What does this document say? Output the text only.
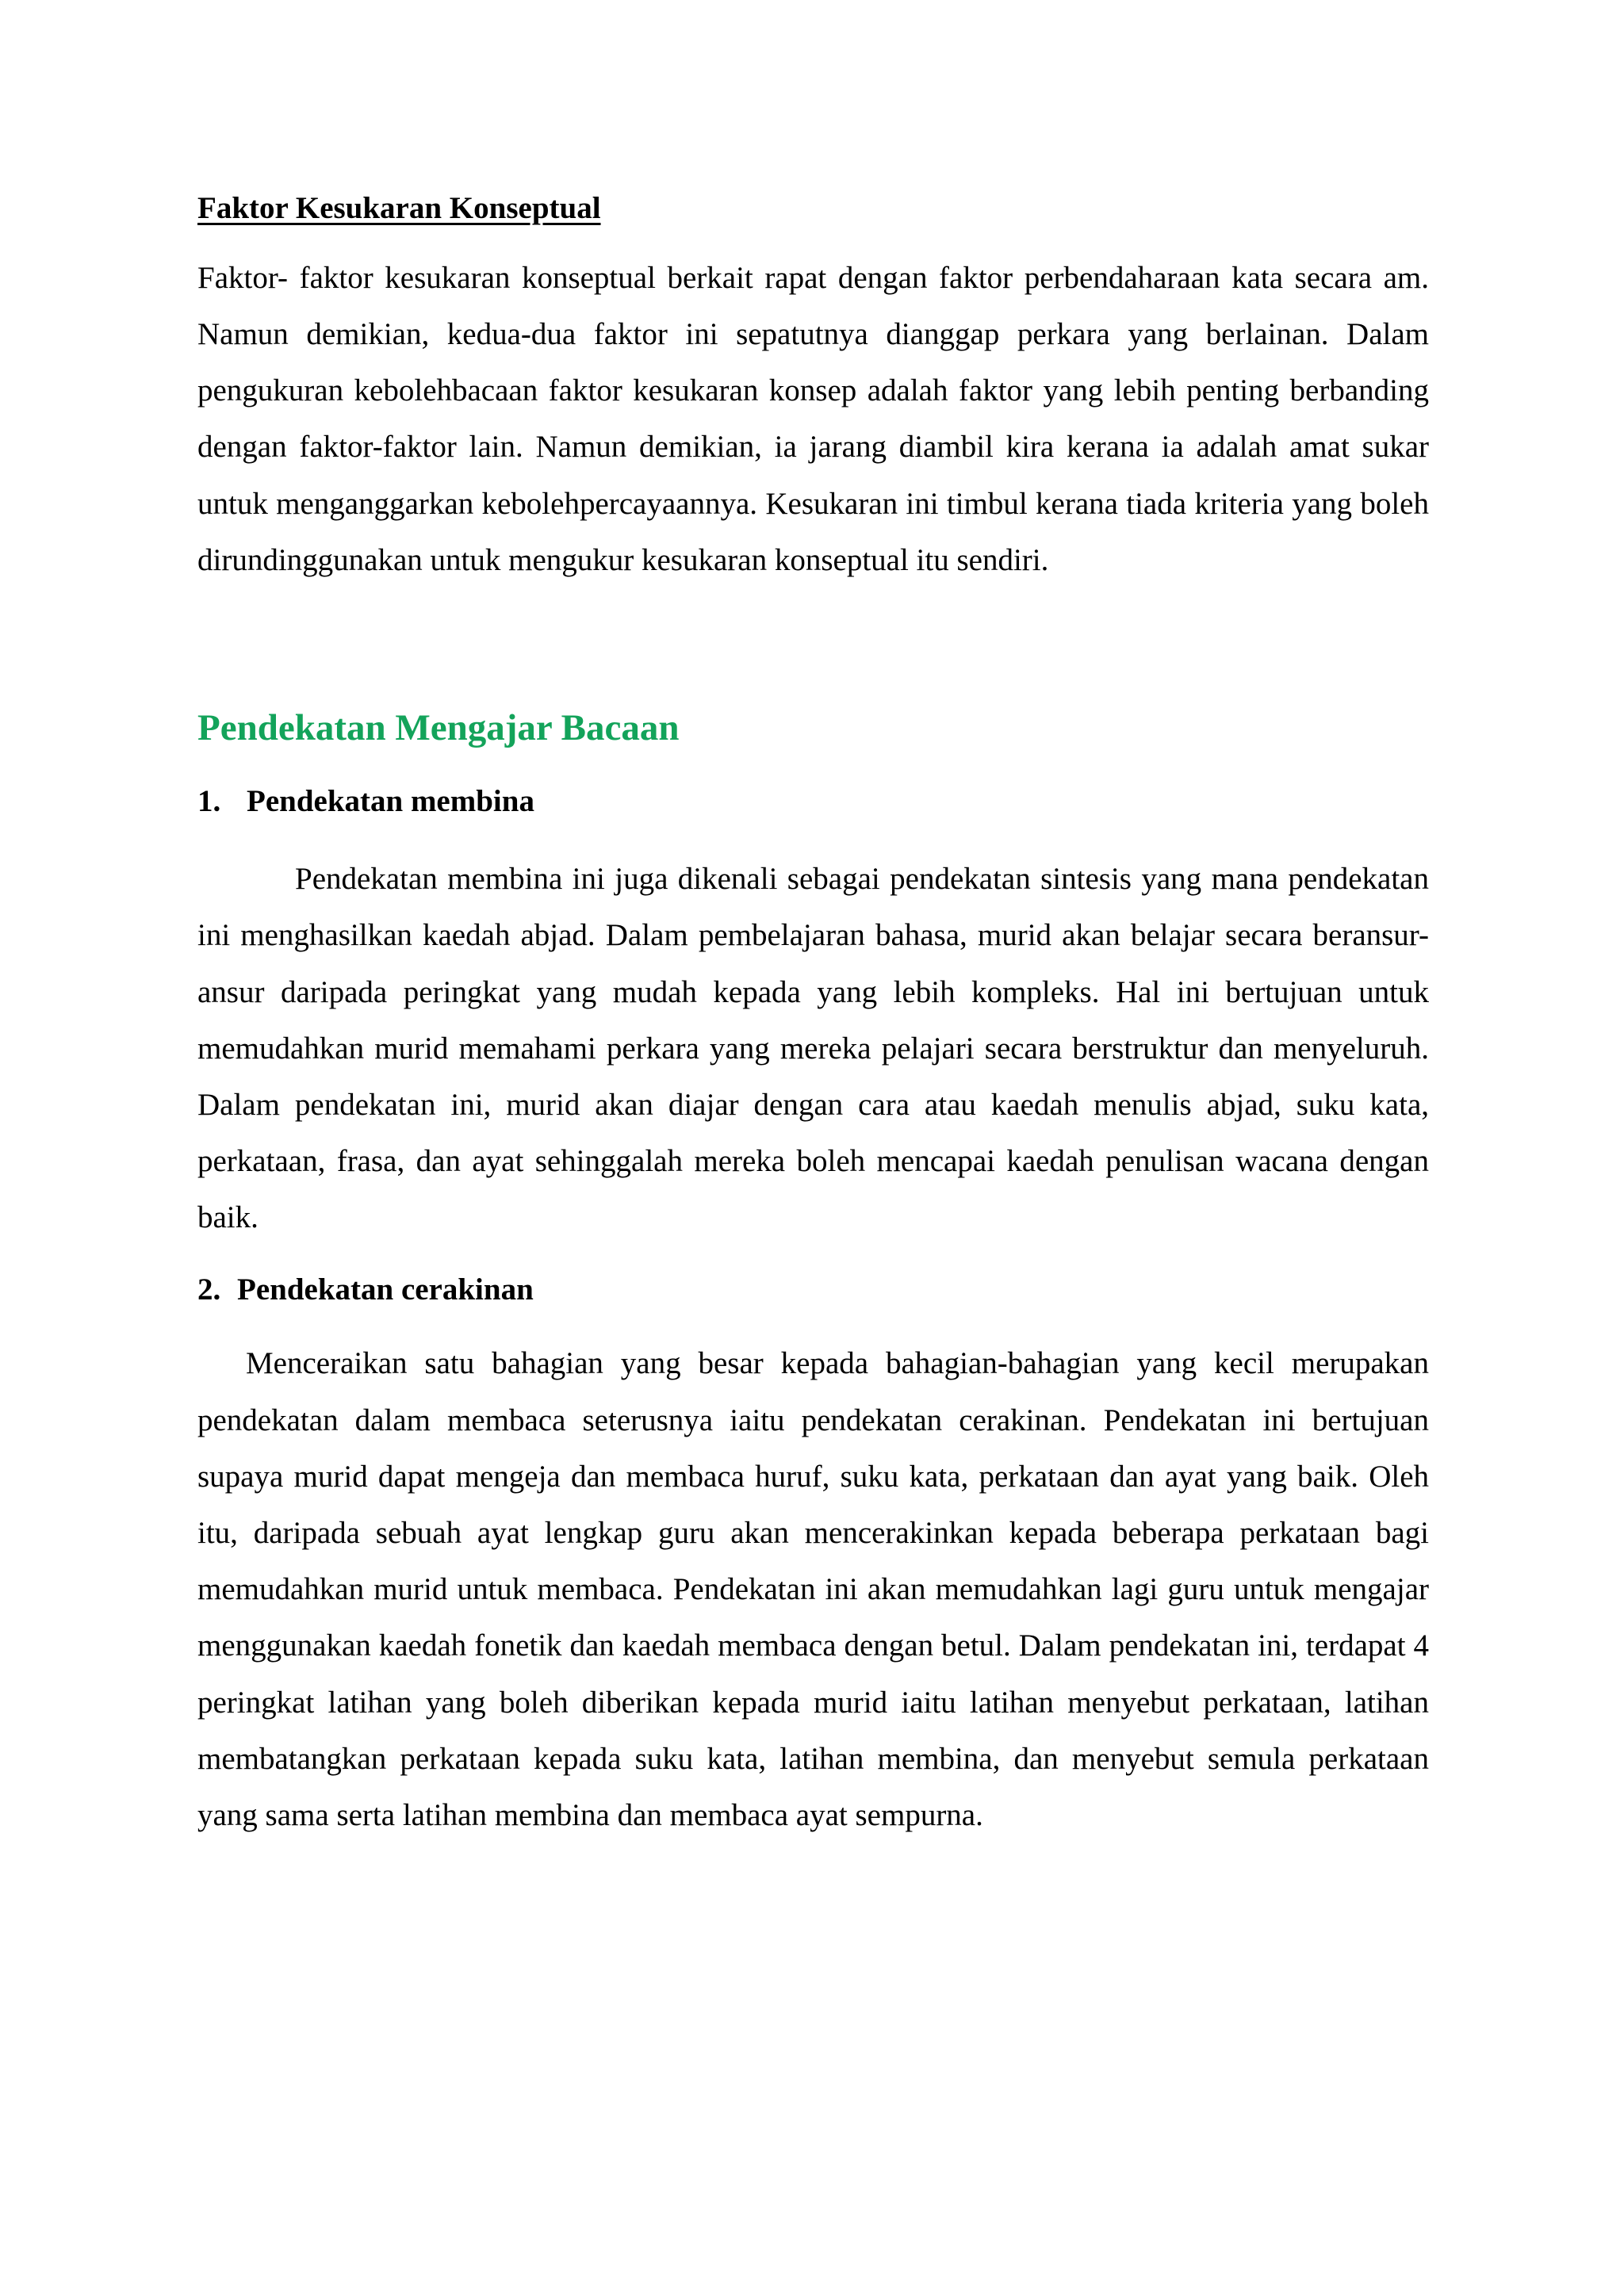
Faktor Kesukaran Konseptual

Faktor- faktor kesukaran konseptual berkait rapat dengan faktor perbendaharaan kata secara am. Namun demikian, kedua-dua faktor ini sepatutnya dianggap perkara yang berlainan. Dalam pengukuran kebolehbacaan faktor kesukaran konsep adalah faktor yang lebih penting berbanding dengan faktor-faktor lain. Namun demikian, ia jarang diambil kira kerana ia adalah amat sukar untuk menganggarkan kebolehpercayaannya. Kesukaran ini timbul kerana tiada kriteria yang boleh dirundinggunakan untuk mengukur kesukaran konseptual itu sendiri.

Pendekatan Mengajar Bacaan
1. Pendekatan membina

Pendekatan membina ini juga dikenali sebagai pendekatan sintesis yang mana pendekatan ini menghasilkan kaedah abjad. Dalam pembelajaran bahasa, murid akan belajar secara beransur-ansur daripada peringkat yang mudah kepada yang lebih kompleks. Hal ini bertujuan untuk memudahkan murid memahami perkara yang mereka pelajari secara berstruktur dan menyeluruh. Dalam pendekatan ini, murid akan diajar dengan cara atau kaedah menulis abjad, suku kata, perkataan, frasa, dan ayat sehinggalah mereka boleh mencapai kaedah penulisan wacana dengan baik.

2. Pendekatan cerakinan

Menceraikan satu bahagian yang besar kepada bahagian-bahagian yang kecil merupakan pendekatan dalam membaca seterusnya iaitu pendekatan cerakinan. Pendekatan ini bertujuan supaya murid dapat mengeja dan membaca huruf, suku kata, perkataan dan ayat yang baik. Oleh itu, daripada sebuah ayat lengkap guru akan mencerakinkan kepada beberapa perkataan bagi memudahkan murid untuk membaca. Pendekatan ini akan memudahkan lagi guru untuk mengajar menggunakan kaedah fonetik dan kaedah membaca dengan betul. Dalam pendekatan ini, terdapat 4 peringkat latihan yang boleh diberikan kepada murid iaitu latihan menyebut perkataan, latihan membatangkan perkataan kepada suku kata, latihan membina, dan menyebut semula perkataan yang sama serta latihan membina dan membaca ayat sempurna.
